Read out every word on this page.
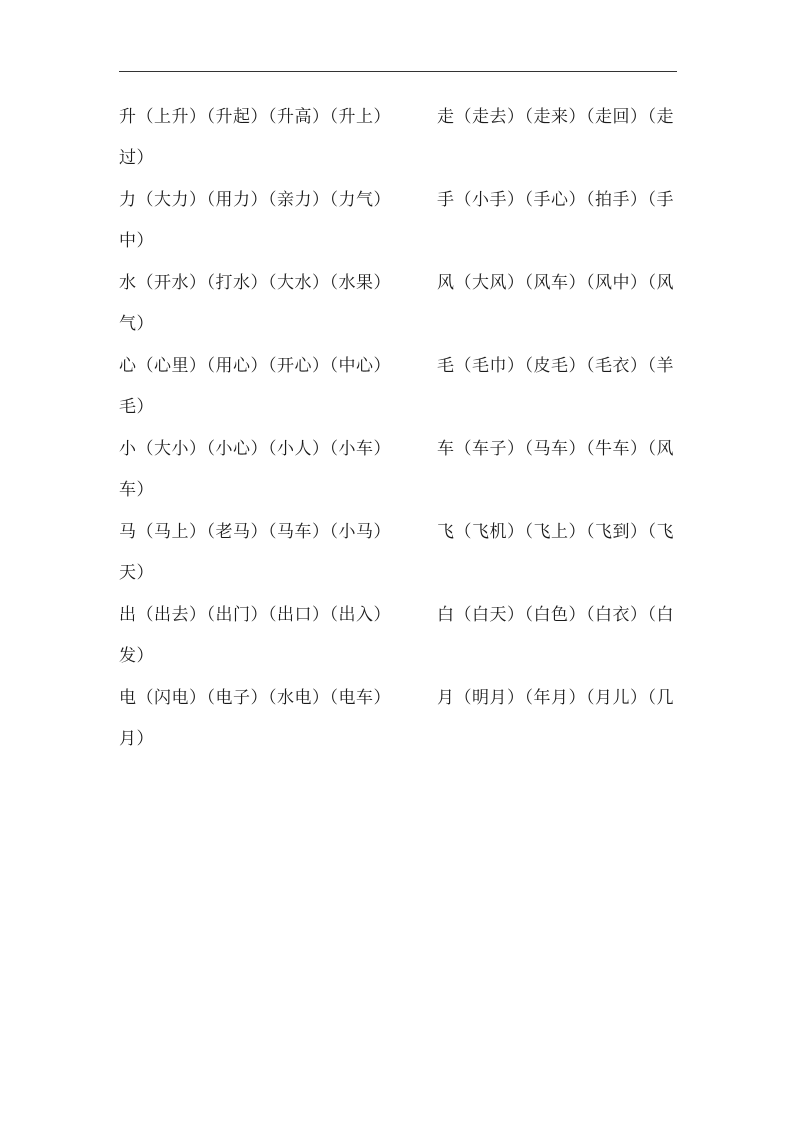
升（上升）（升起）（升高）（升上）	走（走去）（走来）（走回）（走
过）
力（大力）（用力）（亲力）（力气）	手（小手）（手心）（拍手）（手
中）
水（开水）（打水）（大水）（水果）	风（大风）（风车）（风中）（风
气）
心（心里）（用心）（开心）（中心）	毛（毛巾）（皮毛）（毛衣）（羊
毛）
小（大小）（小心）（小人）（小车）	车（车子）（马车）（牛车）（风
车）
马（马上）（老马）（马车）（小马）	飞（飞机）（飞上）（飞到）（飞
天）
出（出去）（出门）（出口）（出入）	白（白天）（白色）（白衣）（白
发）
电（闪电）（电子）（水电）（电车）	月（明月）（年月）（月儿）（几
月）
